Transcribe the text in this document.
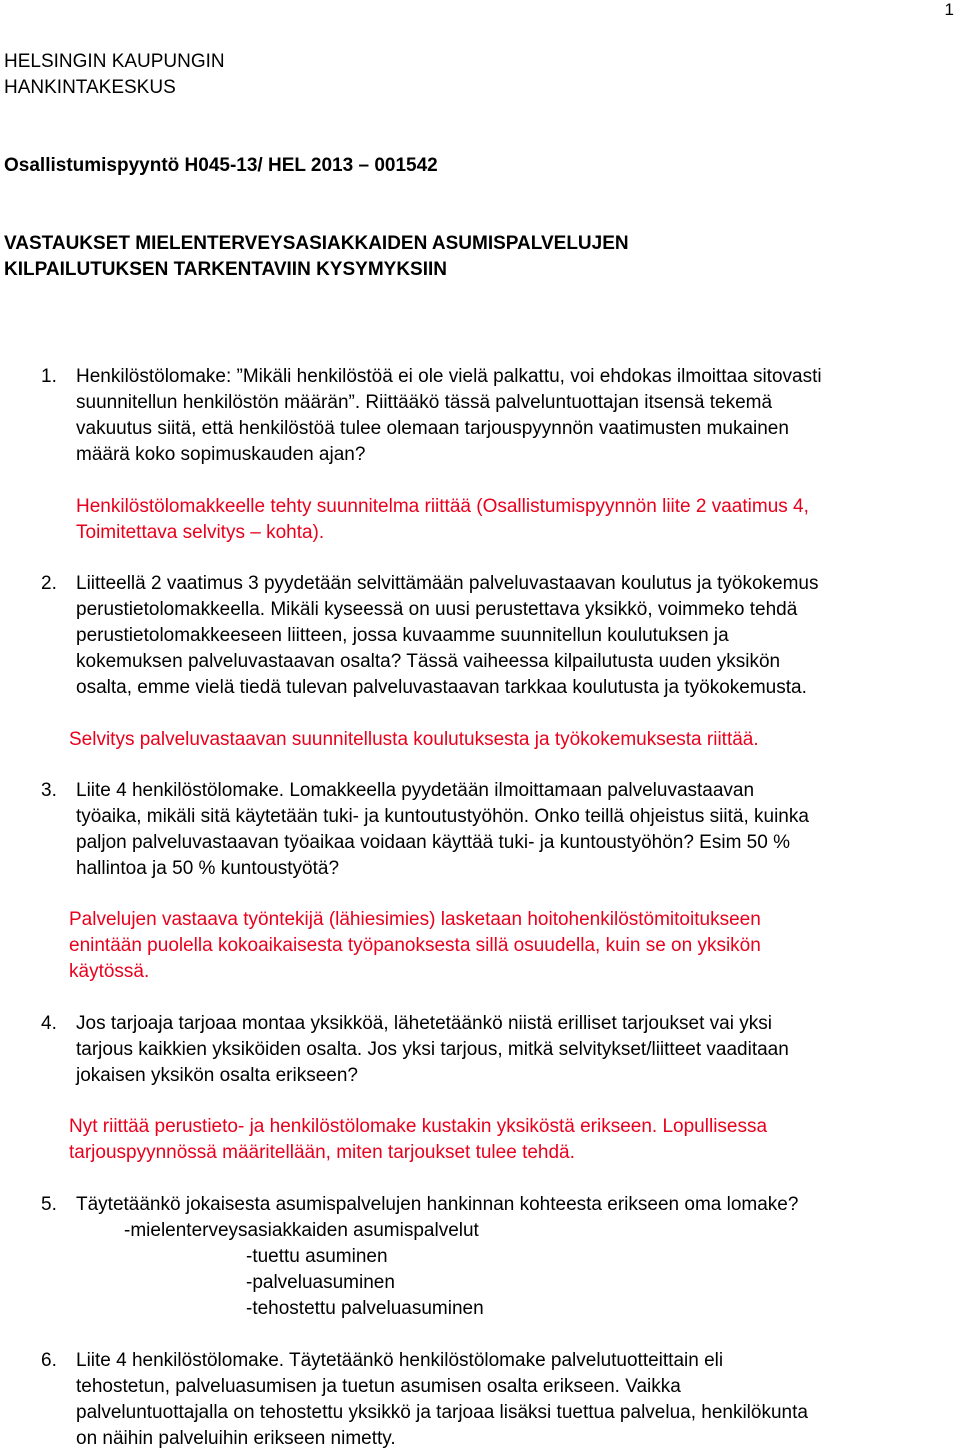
1
HELSINGIN KAUPUNGIN
HANKINTAKESKUS
Osallistumispyyntö H045-13/ HEL 2013 – 001542
VASTAUKSET MIELENTERVEYSASIAKKAIDEN ASUMISPALVELUJEN
KILPAILUTUKSEN TARKENTAVIIN KYSYMYKSIIN
1.	Henkilöstölomake: ”Mikäli henkilöstöä ei ole vielä palkattu, voi ehdokas ilmoittaa sitovasti
suunnitellun henkilöstön määrän”. Riittääkö tässä palveluntuottajan itsensä tekemä
vakuutus siitä, että henkilöstöä tulee olemaan tarjouspyynnön vaatimusten mukainen
määrä koko sopimuskauden ajan?
Henkilöstölomakkeelle tehty suunnitelma riittää (Osallistumispyynnön liite 2 vaatimus 4,
Toimitettava selvitys – kohta).
2.	Liitteellä 2 vaatimus 3 pyydetään selvittämään palveluvastaavan koulutus ja työkokemus
perustietolomakkeella. Mikäli kyseessä on uusi perustettava yksikkö, voimmeko tehdä
perustietolomakkeeseen liitteen, jossa kuvaamme suunnitellun koulutuksen ja
kokemuksen palveluvastaavan osalta? Tässä vaiheessa kilpailutusta uuden yksikön
osalta, emme vielä tiedä tulevan palveluvastaavan tarkkaa koulutusta ja työkokemusta.
Selvitys palveluvastaavan suunnitellusta koulutuksesta ja työkokemuksesta riittää.
3.	Liite 4 henkilöstölomake. Lomakkeella pyydetään ilmoittamaan palveluvastaavan
työaika, mikäli sitä käytetään tuki- ja kuntoutustyöhön. Onko teillä ohjeistus siitä, kuinka
paljon palveluvastaavan työaikaa voidaan käyttää tuki- ja kuntoustyöhön? Esim 50 %
hallintoa ja 50 % kuntoustyötä?
Palvelujen vastaava työntekijä (lähiesimies) lasketaan hoitohenkilöstömitoitukseen
enintään puolella kokoaikaisesta työpanoksesta sillä osuudella, kuin se on yksikön
käytössä.
4.	Jos tarjoaja tarjoaa montaa yksikköä, lähetetäänkö niistä erilliset tarjoukset vai yksi
tarjous kaikkien yksiköiden osalta. Jos yksi tarjous, mitkä selvitykset/liitteet vaaditaan
jokaisen yksikön osalta erikseen?
Nyt riittää perustieto- ja henkilöstölomake kustakin yksiköstä erikseen. Lopullisessa
tarjouspyynnössä määritellään, miten tarjoukset tulee tehdä.
5.	Täytetäänkö jokaisesta asumispalvelujen hankinnan kohteesta erikseen oma lomake?
-mielenterveysasiakkaiden asumispalvelut
-tuettu asuminen
-palveluasuminen
-tehostettu palveluasuminen
6.	Liite 4 henkilöstölomake. Täytetäänkö henkilöstölomake palvelutuotteittain eli
tehostetun, palveluasumisen ja tuetun asumisen osalta erikseen. Vaikka
palveluntuottajalla on tehostettu yksikkö ja tarjoaa lisäksi tuettua palvelua, henkilökunta
on näihin palveluihin erikseen nimetty.
